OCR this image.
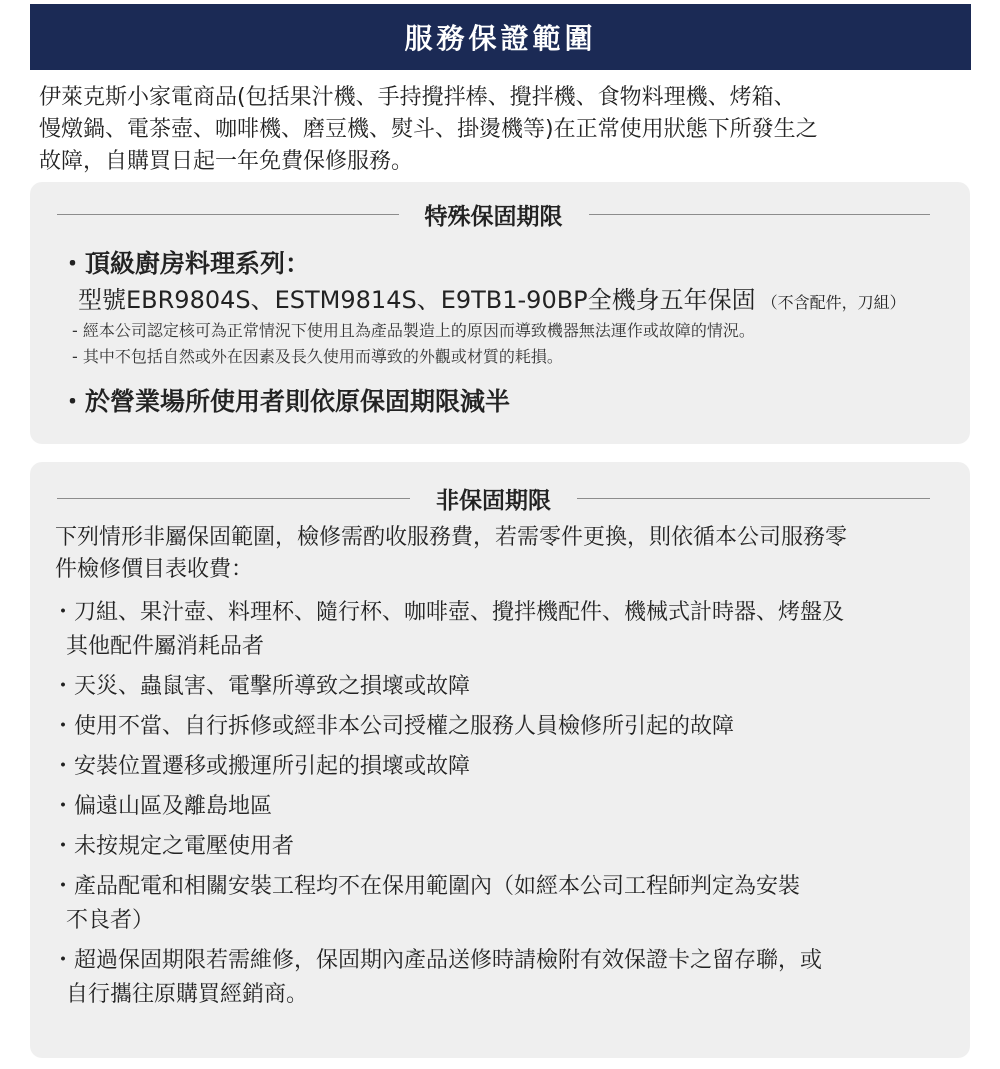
服務保證範圍

伊萊克斯小家電商品(包括果汁機、手持攪拌棒、攪拌機、食物料理機、烤箱、

慢燉鍋、電茶壺、咖啡機、磨豆機、熨斗、掛燙機等)在正常使用狀態下所發生之

故障，自購買日起一年免費保修服務。

特殊保固期限
・頂級廚房料理系列：
型號EBR9804S、ESTM9814S、E9TB1-90BP全機身五年保固 （不含配件，刀組）
- 經本公司認定核可為正常情況下使用且為產品製造上的原因而導致機器無法運作或故障的情況。
- 其中不包括自然或外在因素及長久使用而導致的外觀或材質的耗損。
・於營業場所使用者則依原保固期限減半
非保固期限

下列情形非屬保固範圍，檢修需酌收服務費，若需零件更換，則依循本公司服務零

件檢修價目表收費：

・刀組、果汁壺、料理杯、隨行杯、咖啡壺、攪拌機配件、機械式計時器、烤盤及

其他配件屬消耗品者

・天災、蟲鼠害、電擊所導致之損壞或故障

・使用不當、自行拆修或經非本公司授權之服務人員檢修所引起的故障

・安裝位置遷移或搬運所引起的損壞或故障

・偏遠山區及離島地區

・未按規定之電壓使用者

・產品配電和相關安裝工程均不在保用範圍內（如經本公司工程師判定為安裝

不良者）

・超過保固期限若需維修，保固期內產品送修時請檢附有效保證卡之留存聯，或

自行攜往原購買經銷商。
